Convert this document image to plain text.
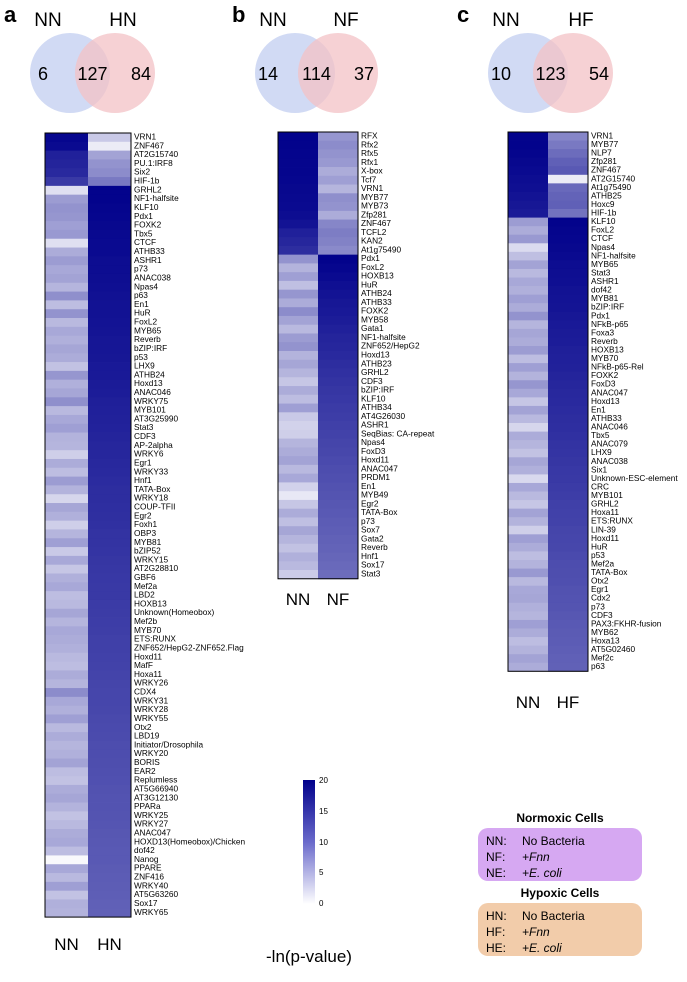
a NN	HN
6 127 84
VRN1
ZNF467
AT2G15740
PU.1:IRF8
Six2
HIF-1b
GRHL2
NF1-halfsite
KLF10
Pdx1
FOXK2
Tbx5
CTCF
ATHB33
ASHR1
p73
ANAC038
Npas4
p63
En1
HuR
FoxL2
MYB65
Reverb
bZIP:IRF
p53
LHX9
ATHB24
Hoxd13
ANAC046
WRKY75
MYB101
AT3G25990
Stat3
CDF3
AP-2alpha
WRKY6
Egr1
WRKY33
Hnf1
TATA-Box
WRKY18
COUP-TFII
Egr2
Foxh1
OBP3
MYB81
bZIP52
WRKY15
AT2G28810
GBF6
Mef2a
LBD2
HOXB13
Unknown(Homeobox)
Mef2b
MYB70
ETS:RUNX
ZNF652/HepG2-ZNF652.Flag
Hoxd11
MafF
Hoxa11
WRKY26
CDX4
WRKY31
WRKY28
WRKY55
Otx2
LBD19
Initiator/Drosophila
WRKY20
BORIS
EAR2
Replumless
AT5G66940
AT3G12130
PPARa
WRKY25
WRKY27
ANAC047
HOXD13(Homeobox)/Chicken
dof42
Nanog
PPARE
ZNF416
WRKY40
AT5G63260
Sox17
WRKY65
NN HN
b NN NF
14 114 37
RFX
Rfx2
Rfx5
Rfx1
X-box
Tcf7
VRN1
MYB77
MYB73
Zfp281
ZNF467
TCFL2
KAN2
At1g75490
Pdx1
FoxL2
HOXB13
HuR
ATHB24
ATHB33
FOXK2
MYB58
Gata1
NF1-halfsite
ZNF652/HepG2
Hoxd13
ATHB23
GRHL2
CDF3
bZIP:IRF
KLF10
ATHB34
AT4G26030
ASHR1
SeqBias: CA-repeat
Npas4
FoxD3
Hoxd11
ANAC047
PRDM1
En1
MYB49
Egr2
TATA-Box
p73
Sox7
Gata2
Reverb
Hnf1
Sox17
Stat3
NN NF
c NN	HF
10 123 54
VRN1
MYB77
NLP7
Zfp281
ZNF467
AT2G15740
At1g75490
ATHB25
Hoxc9
HIF-1b
KLF10
FoxL2
CTCF
Npas4
NF1-halfsite
MYB65
Stat3
ASHR1
dof42
MYB81
bZIP:IRF
Pdx1
NFkB-p65
Foxa3
Reverb
HOXB13
MYB70
NFkB-p65-Rel
FOXK2
FoxD3
ANAC047
Hoxd13
En1
ATHB33
ANAC046
Tbx5
ANAC079
LHX9
ANAC038
Six1
Unknown-ESC-element
CRC
MYB101
GRHL2
Hoxa11
ETS:RUNX
LIN-39
Hoxd11
HuR
p53
Mef2a
TATA-Box
Otx2
Egr1
Cdx2
p73
CDF3
PAX3:FKHR-fusion
MYB62
Hoxa13
AT5G02460
Mef2c
p63
NN HF
20
15
10
5
0
-ln(p-value)
Normoxic Cells
NN: No Bacteria
NF: +Fnn
NE: +E. coli
Hypoxic Cells
HN: No Bacteria
HF: +Fnn
HE: +E. coli
